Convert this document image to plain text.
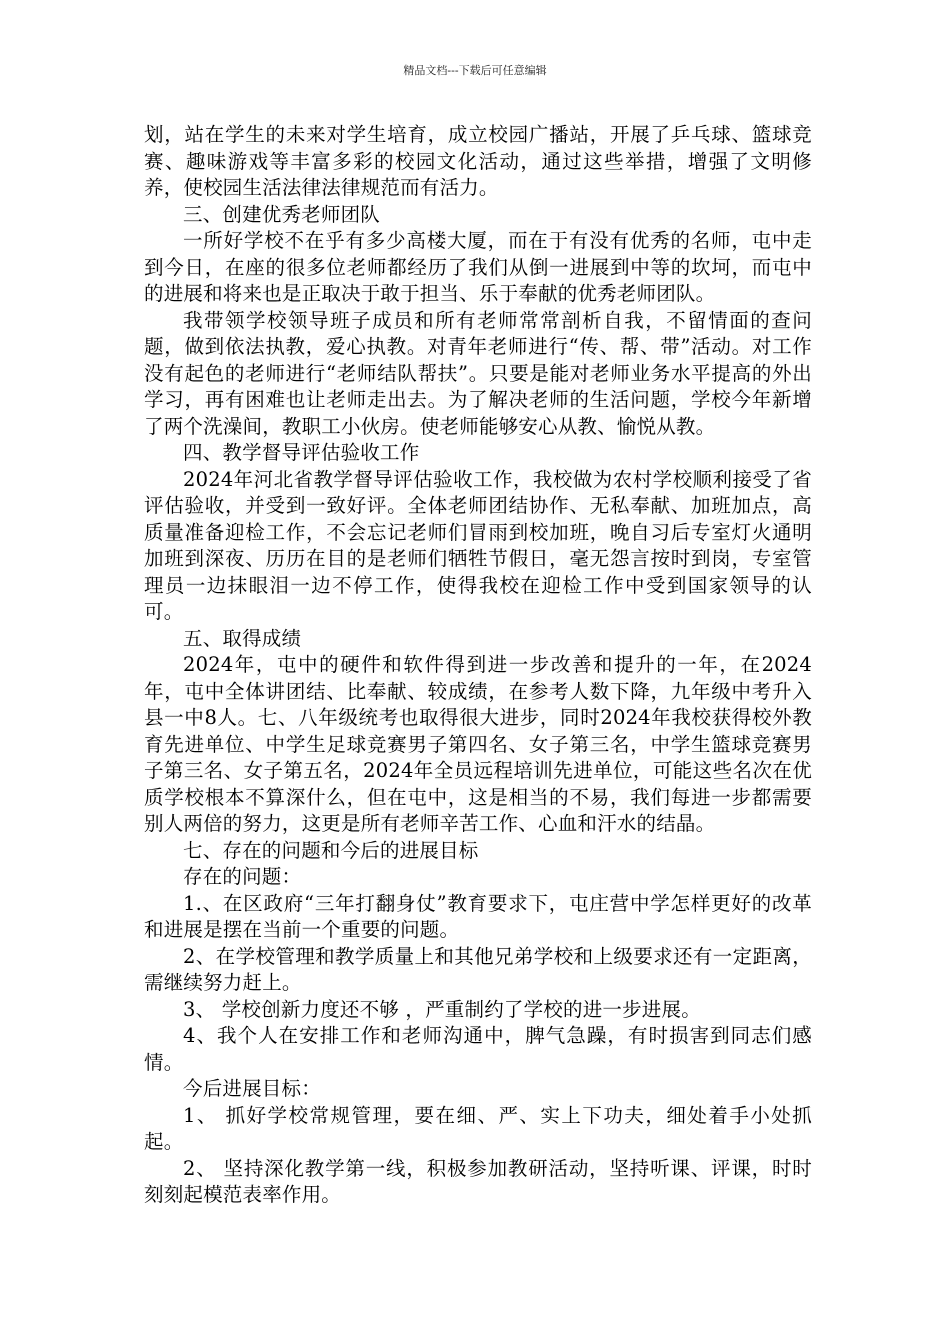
精品文档---下载后可任意编辑

划，站在学生的未来对学生培育，成立校园广播站，开展了乒乓球、篮球竞赛、趣味游戏等丰富多彩的校园文化活动，通过这些举措，增强了文明修养，使校园生活法律法律规范而有活力。

三、创建优秀老师团队

一所好学校不在乎有多少高楼大厦，而在于有没有优秀的名师，屯中走到今日，在座的很多位老师都经历了我们从倒一进展到中等的坎坷，而屯中的进展和将来也是正取决于敢于担当、乐于奉献的优秀老师团队。

我带领学校领导班子成员和所有老师常常剖析自我，不留情面的查问题，做到依法执教，爱心执教。对青年老师进行“传、帮、带”活动。对工作没有起色的老师进行“老师结队帮扶”。只要是能对老师业务水平提高的外出学习，再有困难也让老师走出去。为了解决老师的生活问题，学校今年新增了两个洗澡间，教职工小伙房。使老师能够安心从教、愉悦从教。

四、教学督导评估验收工作

2024年河北省教学督导评估验收工作，我校做为农村学校顺利接受了省评估验收，并受到一致好评。全体老师团结协作、无私奉献、加班加点，高质量准备迎检工作，不会忘记老师们冒雨到校加班，晚自习后专室灯火通明加班到深夜、历历在目的是老师们牺牲节假日，毫无怨言按时到岗，专室管理员一边抹眼泪一边不停工作，使得我校在迎检工作中受到国家领导的认可。

五、取得成绩

2024年，屯中的硬件和软件得到进一步改善和提升的一年，在2024年，屯中全体讲团结、比奉献、较成绩，在参考人数下降，九年级中考升入县一中8人。七、八年级统考也取得很大进步，同时2024年我校获得校外教育先进单位、中学生足球竞赛男子第四名、女子第三名，中学生篮球竞赛男子第三名、女子第五名，2024年全员远程培训先进单位，可能这些名次在优质学校根本不算深什么，但在屯中，这是相当的不易，我们每进一步都需要别人两倍的努力，这更是所有老师辛苦工作、心血和汗水的结晶。

七、存在的问题和今后的进展目标

存在的问题：

1.、在区政府“三年打翻身仗”教育要求下，屯庄营中学怎样更好的改革和进展是摆在当前一个重要的问题。

2、在学校管理和教学质量上和其他兄弟学校和上级要求还有一定距离，需继续努力赶上。

3、 学校创新力度还不够 ，严重制约了学校的进一步进展。

4、我个人在安排工作和老师沟通中，脾气急躁，有时损害到同志们感情。

今后进展目标：

1、 抓好学校常规管理，要在细、严、实上下功夫，细处着手小处抓起。

2、 坚持深化教学第一线，积极参加教研活动，坚持听课、评课，时时刻刻起模范表率作用。
